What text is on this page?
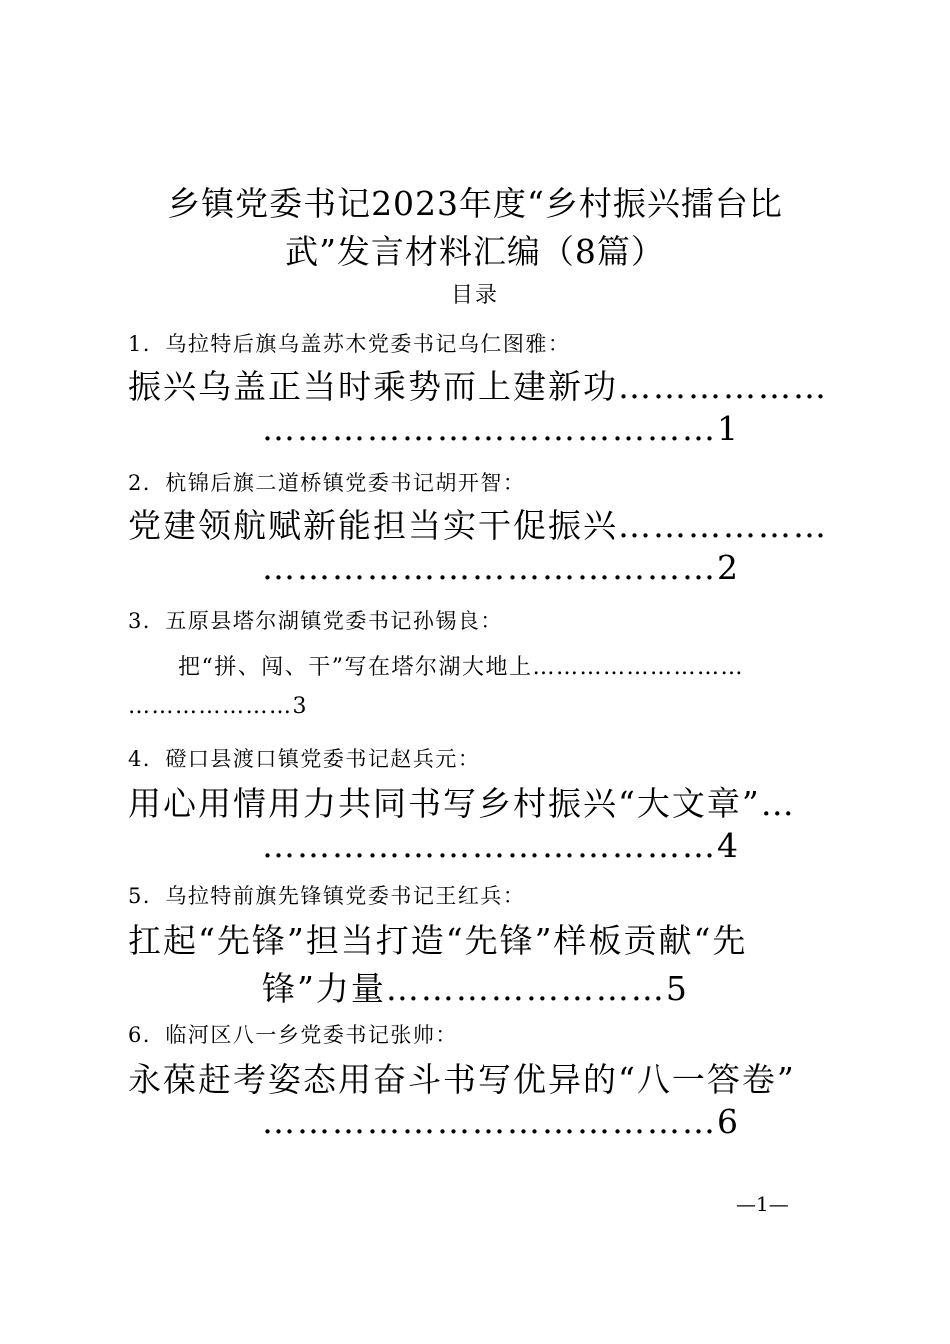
乡镇党委书记2023年度“乡村振兴擂台比
武”发言材料汇编（8篇）
目录
1．乌拉特后旗乌盖苏木党委书记乌仁图雅：
振兴乌盖正当时乘势而上建新功………………
…………………………………1
2．杭锦后旗二道桥镇党委书记胡开智：
党建领航赋新能担当实干促振兴………………
…………………………………2
3．五原县塔尔湖镇党委书记孙锡良：
把“拼、闯、干”写在塔尔湖大地上………………………
…………………3
4．磴口县渡口镇党委书记赵兵元：
用心用情用力共同书写乡村振兴“大文章”…
…………………………………4
5．乌拉特前旗先锋镇党委书记王红兵：
扛起“先锋”担当打造“先锋”样板贡献“先
锋”力量……………………5
6．临河区八一乡党委书记张帅：
永葆赶考姿态用奋斗书写优异的“八一答卷”
…………………………………6
—1—
